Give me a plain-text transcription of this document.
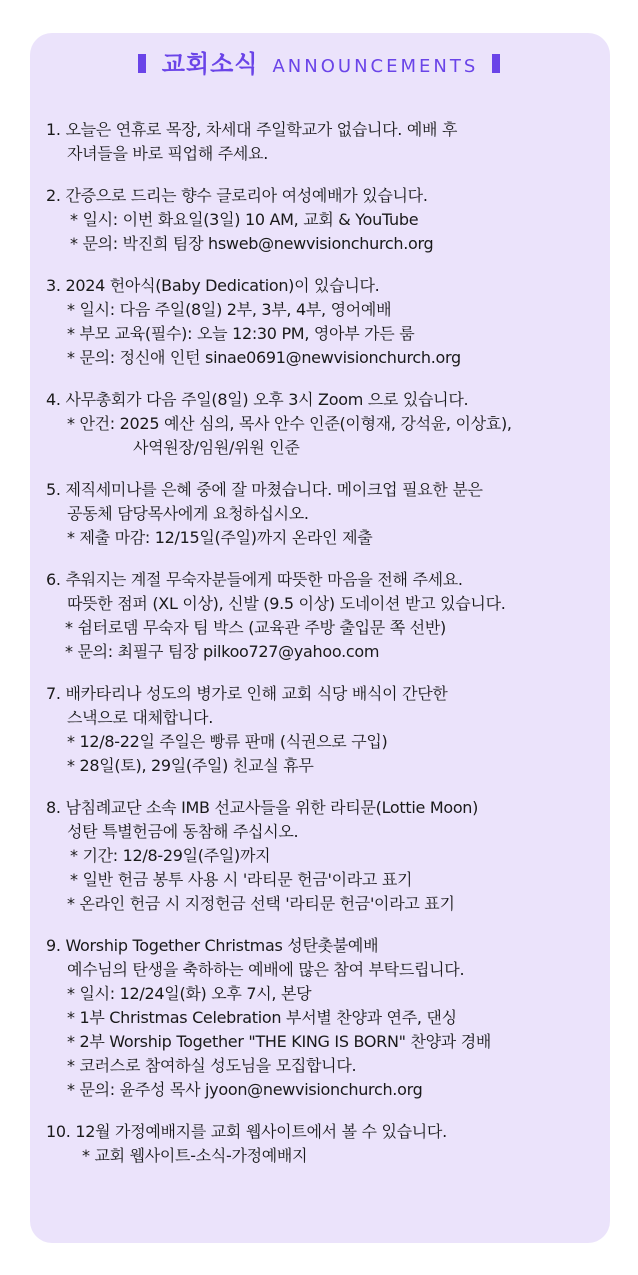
교회소식 ANNOUNCEMENTS
1. 오늘은 연휴로 목장, 차세대 주일학교가 없습니다. 예배 후
자녀들을 바로 픽업해 주세요.
2. 간증으로 드리는 향수 글로리아 여성예배가 있습니다.
* 일시: 이번 화요일(3일) 10 AM, 교회 & YouTube
* 문의: 박진희 팀장 hsweb@newvisionchurch.org
3. 2024 헌아식(Baby Dedication)이 있습니다.
* 일시: 다음 주일(8일) 2부, 3부, 4부, 영어예배
* 부모 교육(필수): 오늘 12:30 PM, 영아부 가든 룸
* 문의: 정신애 인턴 sinae0691@newvisionchurch.org
4. 사무총회가 다음 주일(8일) 오후 3시 Zoom 으로 있습니다.
* 안건: 2025 예산 심의, 목사 안수 인준(이형재, 강석윤, 이상효),
사역원장/임원/위원 인준
5. 제직세미나를 은혜 중에 잘 마쳤습니다. 메이크업 필요한 분은
공동체 담당목사에게 요청하십시오.
* 제출 마감: 12/15일(주일)까지 온라인 제출
6. 추워지는 계절 무숙자분들에게 따뜻한 마음을 전해 주세요.
따뜻한 점퍼 (XL 이상), 신발 (9.5 이상) 도네이션 받고 있습니다.
* 쉼터로뎀 무숙자 팀 박스 (교육관 주방 출입문 쪽 선반)
* 문의: 최필구 팀장 pilkoo727@yahoo.com
7. 배카타리나 성도의 병가로 인해 교회 식당 배식이 간단한
스낵으로 대체합니다.
* 12/8-22일 주일은 빵류 판매 (식권으로 구입)
* 28일(토), 29일(주일) 친교실 휴무
8. 남침례교단 소속 IMB 선교사들을 위한 라티문(Lottie Moon)
성탄 특별헌금에 동참해 주십시오.
* 기간: 12/8-29일(주일)까지
* 일반 헌금 봉투 사용 시 '라티문 헌금'이라고 표기
* 온라인 헌금 시 지정헌금 선택 '라티문 헌금'이라고 표기
9. Worship Together Christmas 성탄촛불예배
예수님의 탄생을 축하하는 예배에 많은 참여 부탁드립니다.
* 일시: 12/24일(화) 오후 7시, 본당
* 1부 Christmas Celebration 부서별 찬양과 연주, 댄싱
* 2부 Worship Together "THE KING IS BORN" 찬양과 경배
* 코러스로 참여하실 성도님을 모집합니다.
* 문의: 윤주성 목사 jyoon@newvisionchurch.org
10. 12월 가정예배지를 교회 웹사이트에서 볼 수 있습니다.
* 교회 웹사이트-소식-가정예배지
